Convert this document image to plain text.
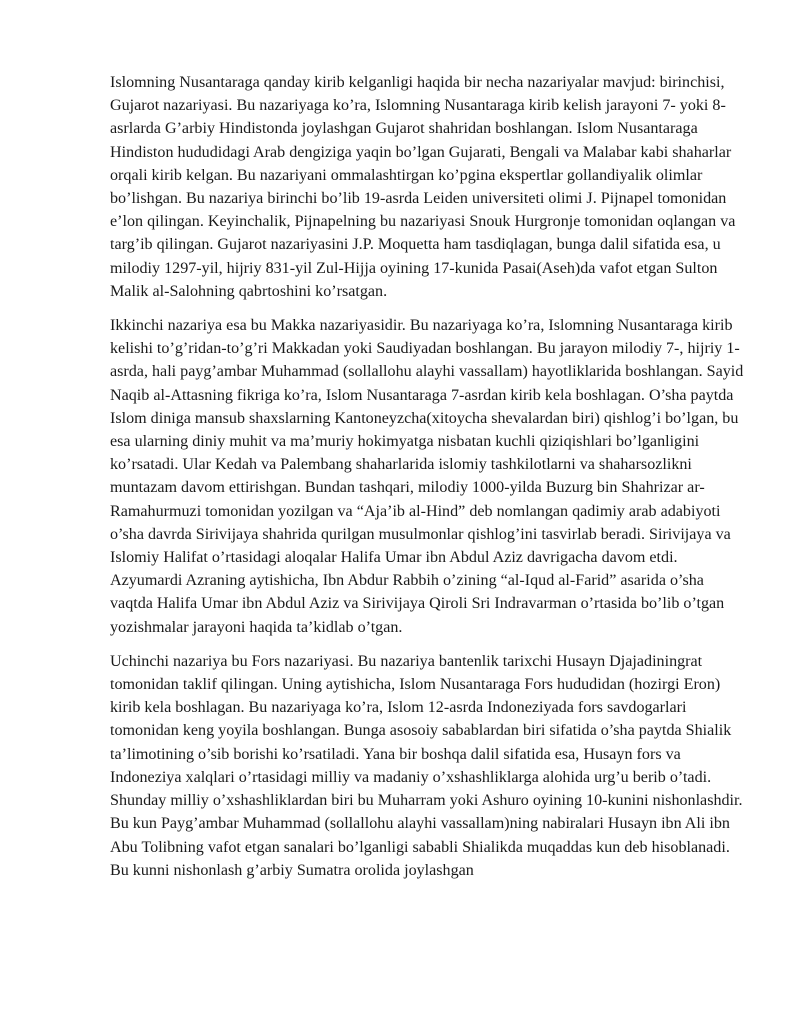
Islomning Nusantaraga qanday kirib kelganligi haqida bir necha nazariyalar mavjud: birinchisi, Gujarot nazariyasi. Bu nazariyaga ko’ra, Islomning Nusantaraga kirib kelish jarayoni 7- yoki 8- asrlarda G’arbiy Hindistonda joylashgan Gujarot shahridan boshlangan. Islom Nusantaraga Hindiston hududidagi Arab dengiziga yaqin bo’lgan Gujarati, Bengali va Malabar kabi shaharlar orqali kirib kelgan. Bu nazariyani ommalashtirgan ko’pgina ekspertlar gollandiyalik olimlar bo’lishgan. Bu nazariya birinchi bo’lib 19-asrda Leiden universiteti olimi J. Pijnapel tomonidan e’lon qilingan. Keyinchalik, Pijnapelning bu nazariyasi Snouk Hurgronje tomonidan oqlangan va targ’ib qilingan. Gujarot nazariyasini J.P. Moquetta ham tasdiqlagan, bunga dalil sifatida esa, u milodiy 1297-yil, hijriy 831-yil Zul-Hijja oyining 17-kunida Pasai(Aseh)da vafot etgan Sulton Malik al-Salohning qabrtoshini ko’rsatgan.

Ikkinchi nazariya esa bu Makka nazariyasidir. Bu nazariyaga ko’ra, Islomning Nusantaraga kirib kelishi to’g’ridan-to’g’ri Makkadan yoki Saudiyadan boshlangan. Bu jarayon milodiy 7-, hijriy 1- asrda, hali payg’ambar Muhammad (sollallohu alayhi vassallam) hayotliklarida boshlangan. Sayid Naqib al-Attasning fikriga ko’ra, Islom Nusantaraga 7-asrdan kirib kela boshlagan. O’sha paytda Islom diniga mansub shaxslarning Kantoneyzcha(xitoycha shevalardan biri) qishlog’i bo’lgan, bu esa ularning diniy muhit va ma’muriy hokimyatga nisbatan kuchli qiziqishlari bo’lganligini ko’rsatadi. Ular Kedah va Palembang shaharlarida islomiy tashkilotlarni va shaharsozlikni muntazam davom ettirishgan. Bundan tashqari, milodiy 1000-yilda Buzurg bin Shahrizar ar-Ramahurmuzi tomonidan yozilgan va “Aja’ib al-Hind” deb nomlangan qadimiy arab adabiyoti o’sha davrda Sirivijaya shahrida qurilgan musulmonlar qishlog’ini tasvirlab beradi. Sirivijaya va Islomiy Halifat o’rtasidagi aloqalar Halifa Umar ibn Abdul Aziz davrigacha davom etdi. Azyumardi Azraning aytishicha, Ibn Abdur Rabbih o’zining “al-Iqud al-Farid” asarida o’sha vaqtda Halifa Umar ibn Abdul Aziz va Sirivijaya Qiroli Sri Indravarman o’rtasida bo’lib o’tgan yozishmalar jarayoni haqida ta’kidlab o’tgan.

Uchinchi nazariya bu Fors nazariyasi. Bu nazariya bantenlik tarixchi Husayn Djajadiningrat tomonidan taklif qilingan. Uning aytishicha, Islom Nusantaraga Fors hududidan (hozirgi Eron) kirib kela boshlagan. Bu nazariyaga ko’ra, Islom 12-asrda Indoneziyada fors savdogarlari tomonidan keng yoyila boshlangan. Bunga asosoiy sabablardan biri sifatida o’sha paytda Shialik ta’limotining o’sib borishi ko’rsatiladi. Yana bir boshqa dalil sifatida esa, Husayn fors va Indoneziya xalqlari o’rtasidagi milliy va madaniy o’xshashliklarga alohida urg’u berib o’tadi. Shunday milliy o’xshashliklardan biri bu Muharram yoki Ashuro oyining 10-kunini nishonlashdir. Bu kun Payg’ambar Muhammad (sollallohu alayhi vassallam)ning nabiralari Husayn ibn Ali ibn Abu Tolibning vafot etgan sanalari bo’lganligi sababli Shialikda muqaddas kun deb hisoblanadi. Bu kunni nishonlash g’arbiy Sumatra orolida joylashgan
